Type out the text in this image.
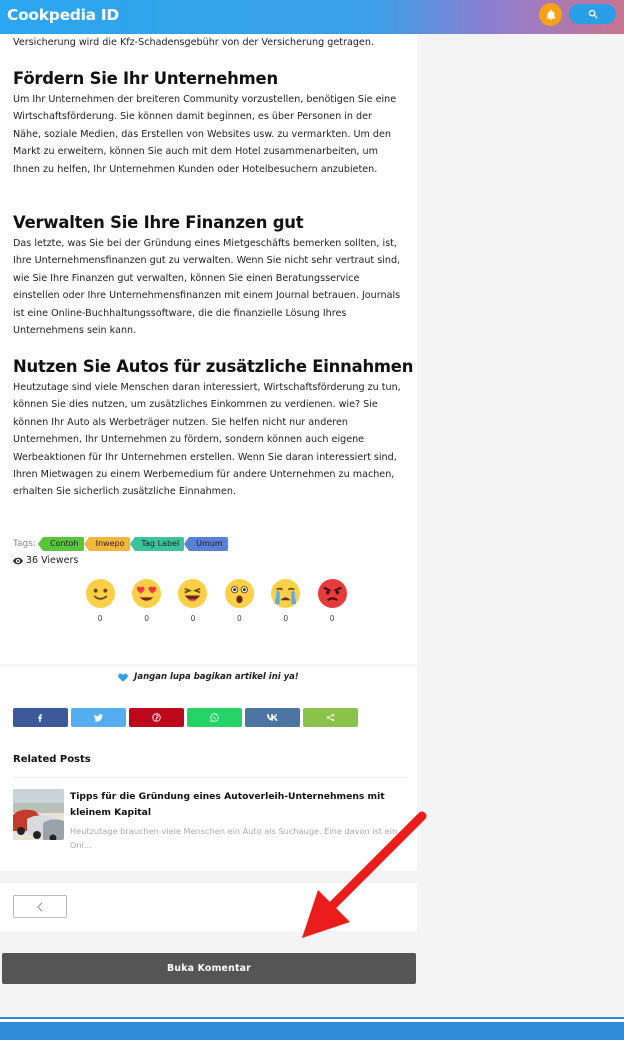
Cookpedia ID
Versicherung wird die Kfz-Schadensgebühr von der Versicherung getragen.
Fördern Sie Ihr Unternehmen
Um Ihr Unternehmen der breiteren Community vorzustellen, benötigen Sie eine Wirtschaftsförderung. Sie können damit beginnen, es über Personen in der Nähe, soziale Medien, das Erstellen von Websites usw. zu vermarkten. Um den Markt zu erweitern, können Sie auch mit dem Hotel zusammenarbeiten, um Ihnen zu helfen, Ihr Unternehmen Kunden oder Hotelbesuchern anzubieten.
Verwalten Sie Ihre Finanzen gut
Das letzte, was Sie bei der Gründung eines Mietgeschäfts bemerken sollten, ist, Ihre Unternehmensfinanzen gut zu verwalten. Wenn Sie nicht sehr vertraut sind, wie Sie Ihre Finanzen gut verwalten, können Sie einen Beratungsservice einstellen oder Ihre Unternehmensfinanzen mit einem Journal betrauen. Journals ist eine Online-Buchhaltungssoftware, die die finanzielle Lösung Ihres Unternehmens sein kann.
Nutzen Sie Autos für zusätzliche Einnahmen
Heutzutage sind viele Menschen daran interessiert, Wirtschaftsförderung zu tun, können Sie dies nutzen, um zusätzliches Einkommen zu verdienen. wie? Sie können Ihr Auto als Werbeträger nutzen. Sie helfen nicht nur anderen Unternehmen, Ihr Unternehmen zu fördern, sondern können auch eigene Werbeaktionen für Ihr Unternehmen erstellen. Wenn Sie daran interessiert sind, Ihren Mietwagen zu einem Werbemedium für andere Unternehmen zu machen, erhalten Sie sicherlich zusätzliche Einnahmen.
Tags:	Contoh	Inwepo	Tag Label	Umum
36 Viewers
0	0	0	0	0	0
Jangan lupa bagikan artikel ini ya!
Related Posts
Tipps für die Gründung eines Autoverleih-Unternehmens mit kleinem Kapital
Heutzutage brauchen viele Menschen ein Auto als Suchauge. Eine davon ist ein Onl...
Buka Komentar
